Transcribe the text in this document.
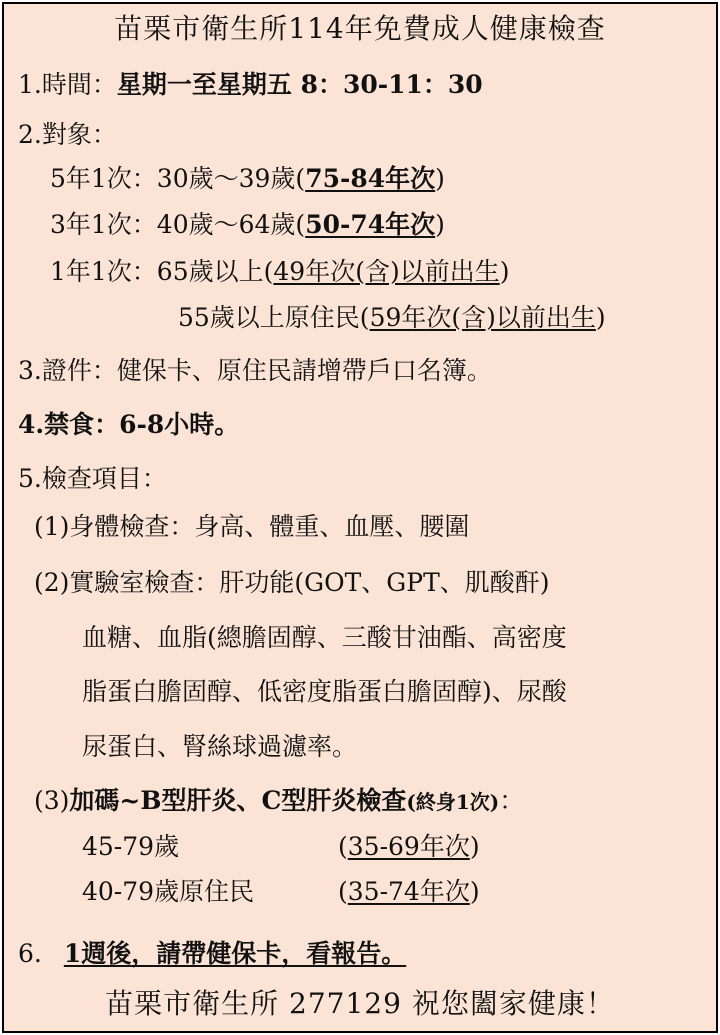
苗栗市衛生所114年免費成人健康檢查
1.時間：星期一至星期五 8：30-11：30
2.對象：
5年1次：30歲～39歲(75-84年次)
3年1次：40歲～64歲(50-74年次)
1年1次：65歲以上(49年次(含)以前出生)
55歲以上原住民(59年次(含)以前出生)
3.證件：健保卡、原住民請增帶戶口名簿。
4.禁食：6-8小時。
5.檢查項目：
(1)身體檢查：身高、體重、血壓、腰圍
(2)實驗室檢查：肝功能(GOT、GPT、肌酸酐)
血糖、血脂(總膽固醇、三酸甘油酯、高密度
脂蛋白膽固醇、低密度脂蛋白膽固醇)、尿酸
尿蛋白、腎絲球過濾率。
(3)加碼~B型肝炎、C型肝炎檢查(終身1次)：
45-79歲	(35-69年次)
40-79歲原住民	(35-74年次)
6. 1週後，請帶健保卡，看報告。
苗栗市衛生所 277129 祝您闔家健康！
